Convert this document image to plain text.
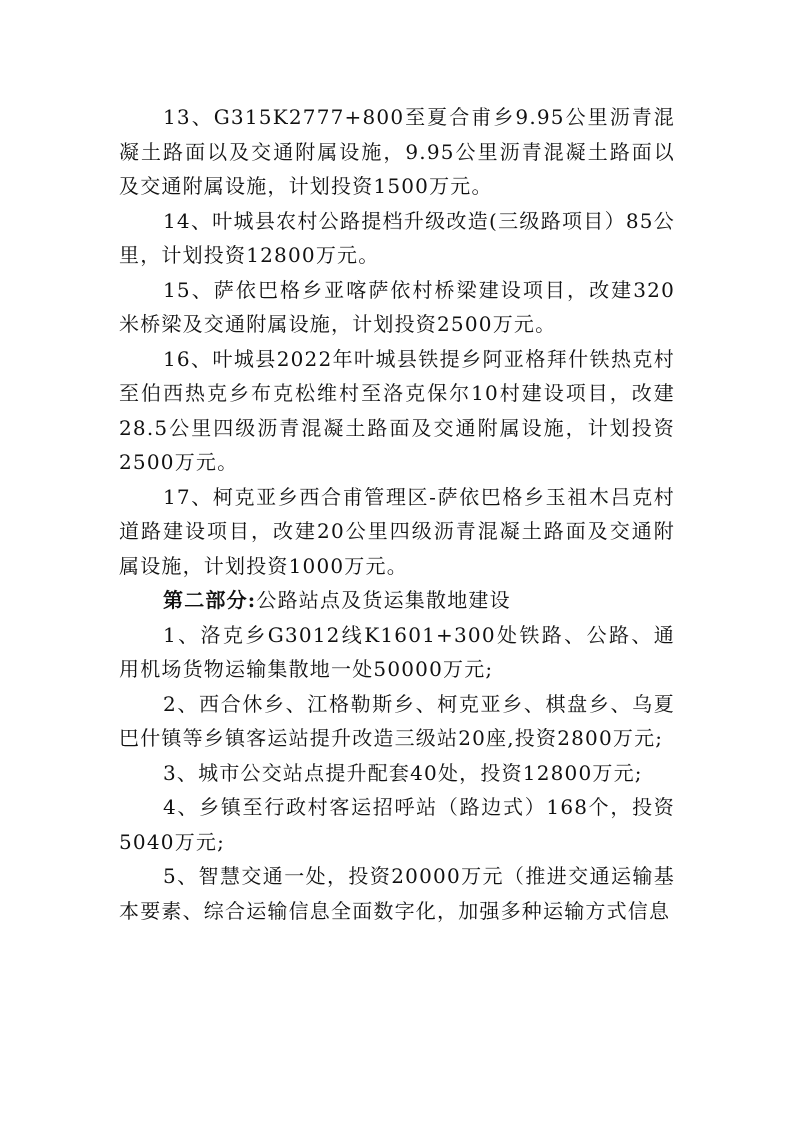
13、G315K2777+800至夏合甫乡9.95公里沥青混凝土路面以及交通附属设施，9.95公里沥青混凝土路面以及交通附属设施，计划投资1500万元。

14、叶城县农村公路提档升级改造(三级路项目）85公里，计划投资12800万元。

15、萨依巴格乡亚喀萨依村桥梁建设项目，改建320米桥梁及交通附属设施，计划投资2500万元。

16、叶城县2022年叶城县铁提乡阿亚格拜什铁热克村至伯西热克乡布克松维村至洛克保尔10村建设项目，改建28.5公里四级沥青混凝土路面及交通附属设施，计划投资2500万元。

17、柯克亚乡西合甫管理区-萨依巴格乡玉祖木吕克村道路建设项目，改建20公里四级沥青混凝土路面及交通附属设施，计划投资1000万元。

第二部分:公路站点及货运集散地建设

1、洛克乡G3012线K1601+300处铁路、公路、通用机场货物运输集散地一处50000万元;

2、西合休乡、江格勒斯乡、柯克亚乡、棋盘乡、乌夏巴什镇等乡镇客运站提升改造三级站20座,投资2800万元;

3、城市公交站点提升配套40处，投资12800万元;

4、乡镇至行政村客运招呼站（路边式）168个，投资5040万元;

5、智慧交通一处，投资20000万元（推进交通运输基本要素、综合运输信息全面数字化，加强多种运输方式信息
